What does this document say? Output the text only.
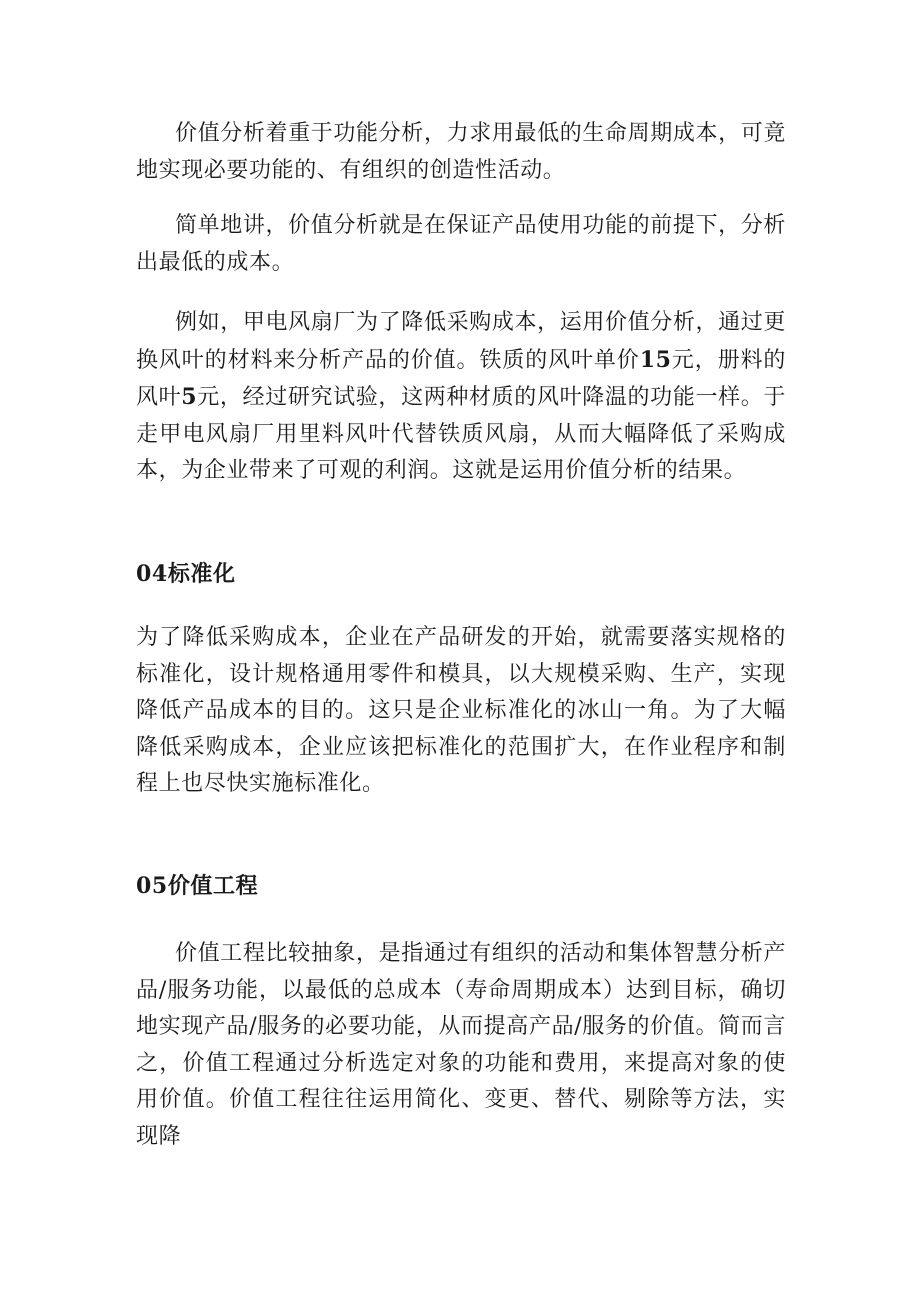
价值分析着重于功能分析，力求用最低的生命周期成本，可竟地实现必要功能的、有组织的创造性活动。

简单地讲，价值分析就是在保证产品使用功能的前提下，分析出最低的成本。

例如，甲电风扇厂为了降低采购成本，运用价值分析，通过更换风叶的材料来分析产品的价值。铁质的风叶单价15元，册料的风叶5元，经过研究试验，这两种材质的风叶降温的功能一样。于走甲电风扇厂用里料风叶代替铁质风扇，从而大幅降低了采购成本，为企业带来了可观的利润。这就是运用价值分析的结果。

04标准化

为了降低采购成本，企业在产品研发的开始，就需要落实规格的标准化，设计规格通用零件和模具，以大规模采购、生产，实现降低产品成本的目的。这只是企业标准化的冰山一角。为了大幅降低采购成本，企业应该把标准化的范围扩大，在作业程序和制程上也尽快实施标准化。

05价值工程

价值工程比较抽象，是指通过有组织的活动和集体智慧分析产品/服务功能，以最低的总成本（寿命周期成本）达到目标，确切地实现产品/服务的必要功能，从而提高产品/服务的价值。简而言之，价值工程通过分析选定对象的功能和费用，来提高对象的使用价值。价值工程往往运用简化、变更、替代、剔除等方法，实现降
